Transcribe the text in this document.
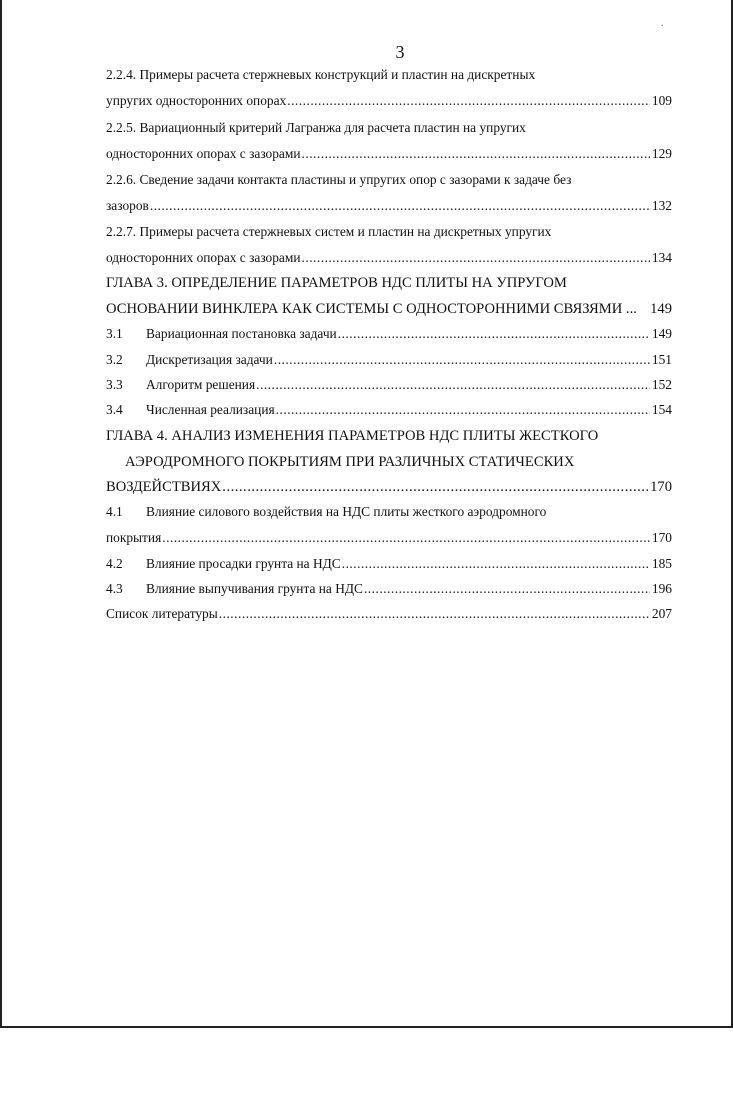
.
3
2.2.4. Примеры расчета стержневых конструкций и пластин на дискретных
упругих односторонних опорах .....	109
2.2.5. Вариационный критерий Лагранжа для расчета пластин на упругих
односторонних опорах с зазорами .....	129
2.2.6. Сведение задачи контакта пластины и упругих опор с зазорами к задаче без
зазоров .....	132
2.2.7. Примеры расчета стержневых систем и пластин на дискретных упругих
односторонних опорах с зазорами .....	134
ГЛАВА 3. ОПРЕДЕЛЕНИЕ ПАРАМЕТРОВ НДС ПЛИТЫ НА УПРУГОМ
ОСНОВАНИИ ВИНКЛЕРА КАК СИСТЕМЫ С ОДНОСТОРОННИМИ СВЯЗЯМИ ... 149
3.1	Вариационная постановка задачи .....	149
3.2	Дискретизация задачи .....	151
3.3	Алгоритм решения .....	152
3.4	Численная реализация .....	154
ГЛАВА 4. АНАЛИЗ ИЗМЕНЕНИЯ ПАРАМЕТРОВ НДС ПЛИТЫ ЖЕСТКОГО
АЭРОДРОМНОГО ПОКРЫТИЯМ ПРИ РАЗЛИЧНЫХ СТАТИЧЕСКИХ
ВОЗДЕЙСТВИЯХ .....	170
4.1	Влияние силового воздействия на НДС плиты жесткого аэродромного
покрытия .....	170
4.2	Влияние просадки грунта на НДС .....	185
4.3	Влияние выпучивания грунта на НДС .....	196
Список литературы .....	207
